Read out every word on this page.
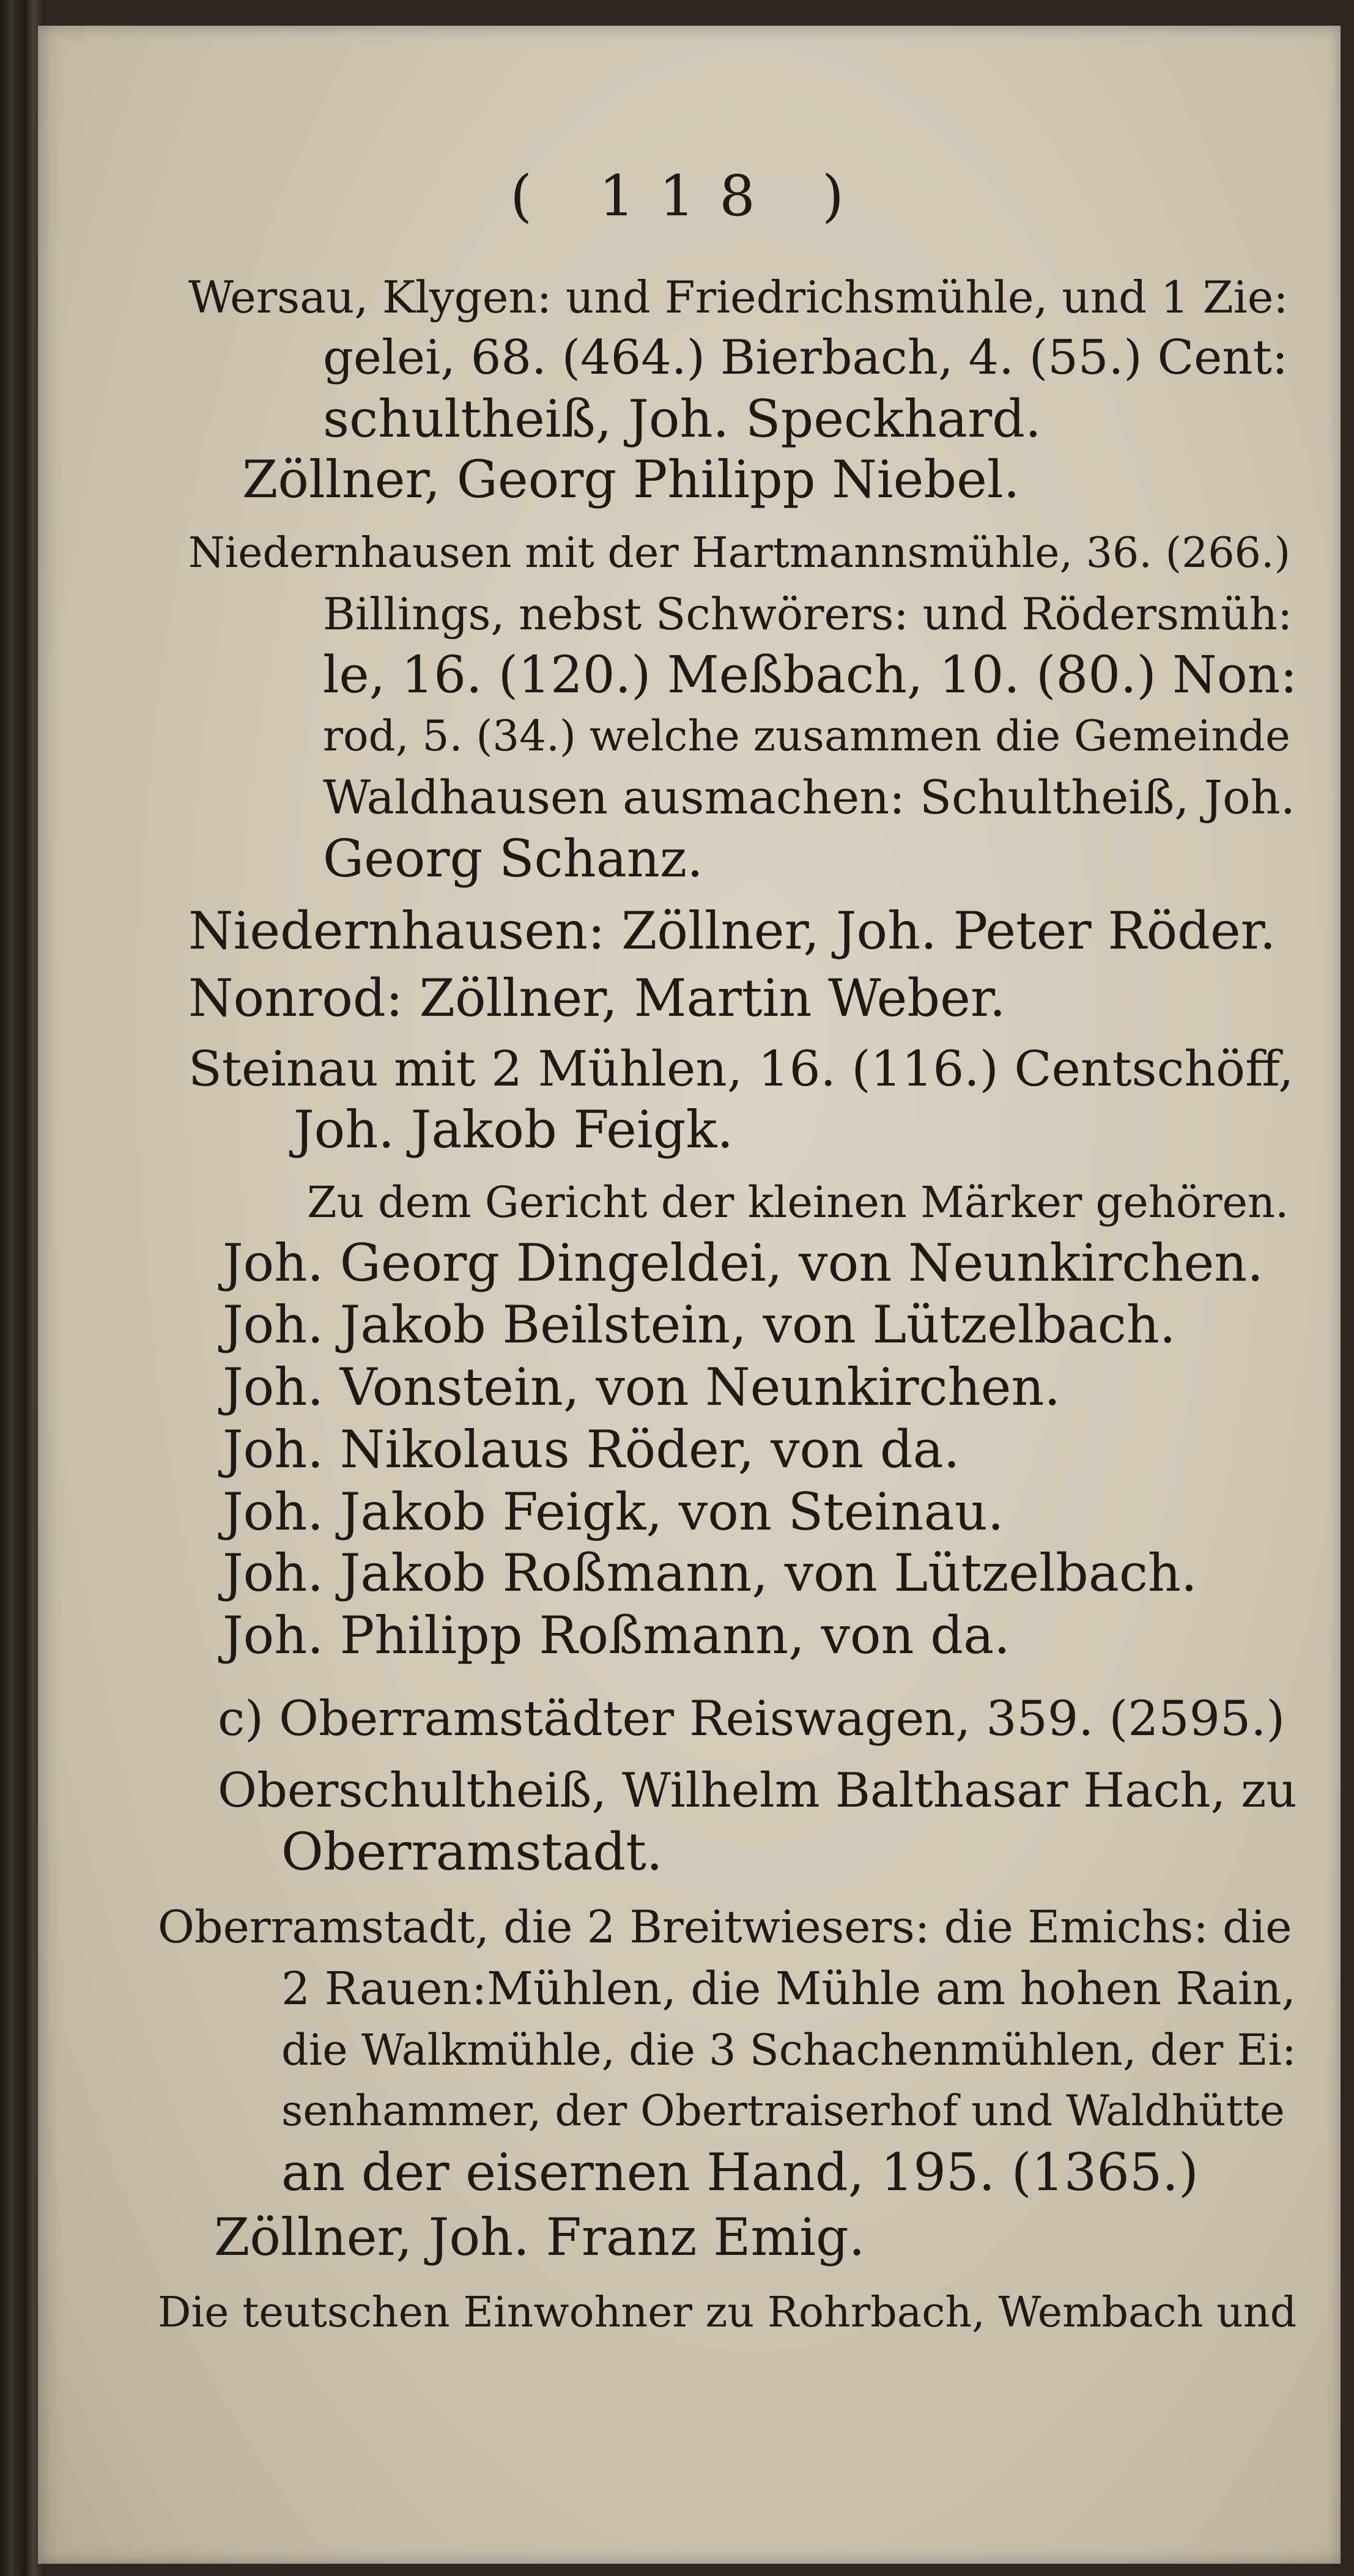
( 118 )
Wersau, Klygen: und Friedrichsmühle, und 1 Zie:
gelei, 68. (464.) Bierbach, 4. (55.) Cent:
schultheiß, Joh. Speckhard.
Zöllner, Georg Philipp Niebel.
Niedernhausen mit der Hartmannsmühle, 36. (266.)
Billings, nebst Schwörers: und Rödersmüh:
le, 16. (120.) Meßbach, 10. (80.) Non:
rod, 5. (34.) welche zusammen die Gemeinde
Waldhausen ausmachen: Schultheiß, Joh.
Georg Schanz.
Niedernhausen: Zöllner, Joh. Peter Röder.
Nonrod: Zöllner, Martin Weber.
Steinau mit 2 Mühlen, 16. (116.) Centschöff,
Joh. Jakob Feigk.
Zu dem Gericht der kleinen Märker gehören.
Joh. Georg Dingeldei, von Neunkirchen.
Joh. Jakob Beilstein, von Lützelbach.
Joh. Vonstein, von Neunkirchen.
Joh. Nikolaus Röder, von da.
Joh. Jakob Feigk, von Steinau.
Joh. Jakob Roßmann, von Lützelbach.
Joh. Philipp Roßmann, von da.
c) Oberramstädter Reiswagen, 359. (2595.)
Oberschultheiß, Wilhelm Balthasar Hach, zu
Oberramstadt.
Oberramstadt, die 2 Breitwiesers: die Emichs: die
2 Rauen:Mühlen, die Mühle am hohen Rain,
die Walkmühle, die 3 Schachenmühlen, der Ei:
senhammer, der Obertraiserhof und Waldhütte
an der eisernen Hand, 195. (1365.)
Zöllner, Joh. Franz Emig.
Die teutschen Einwohner zu Rohrbach, Wembach und
